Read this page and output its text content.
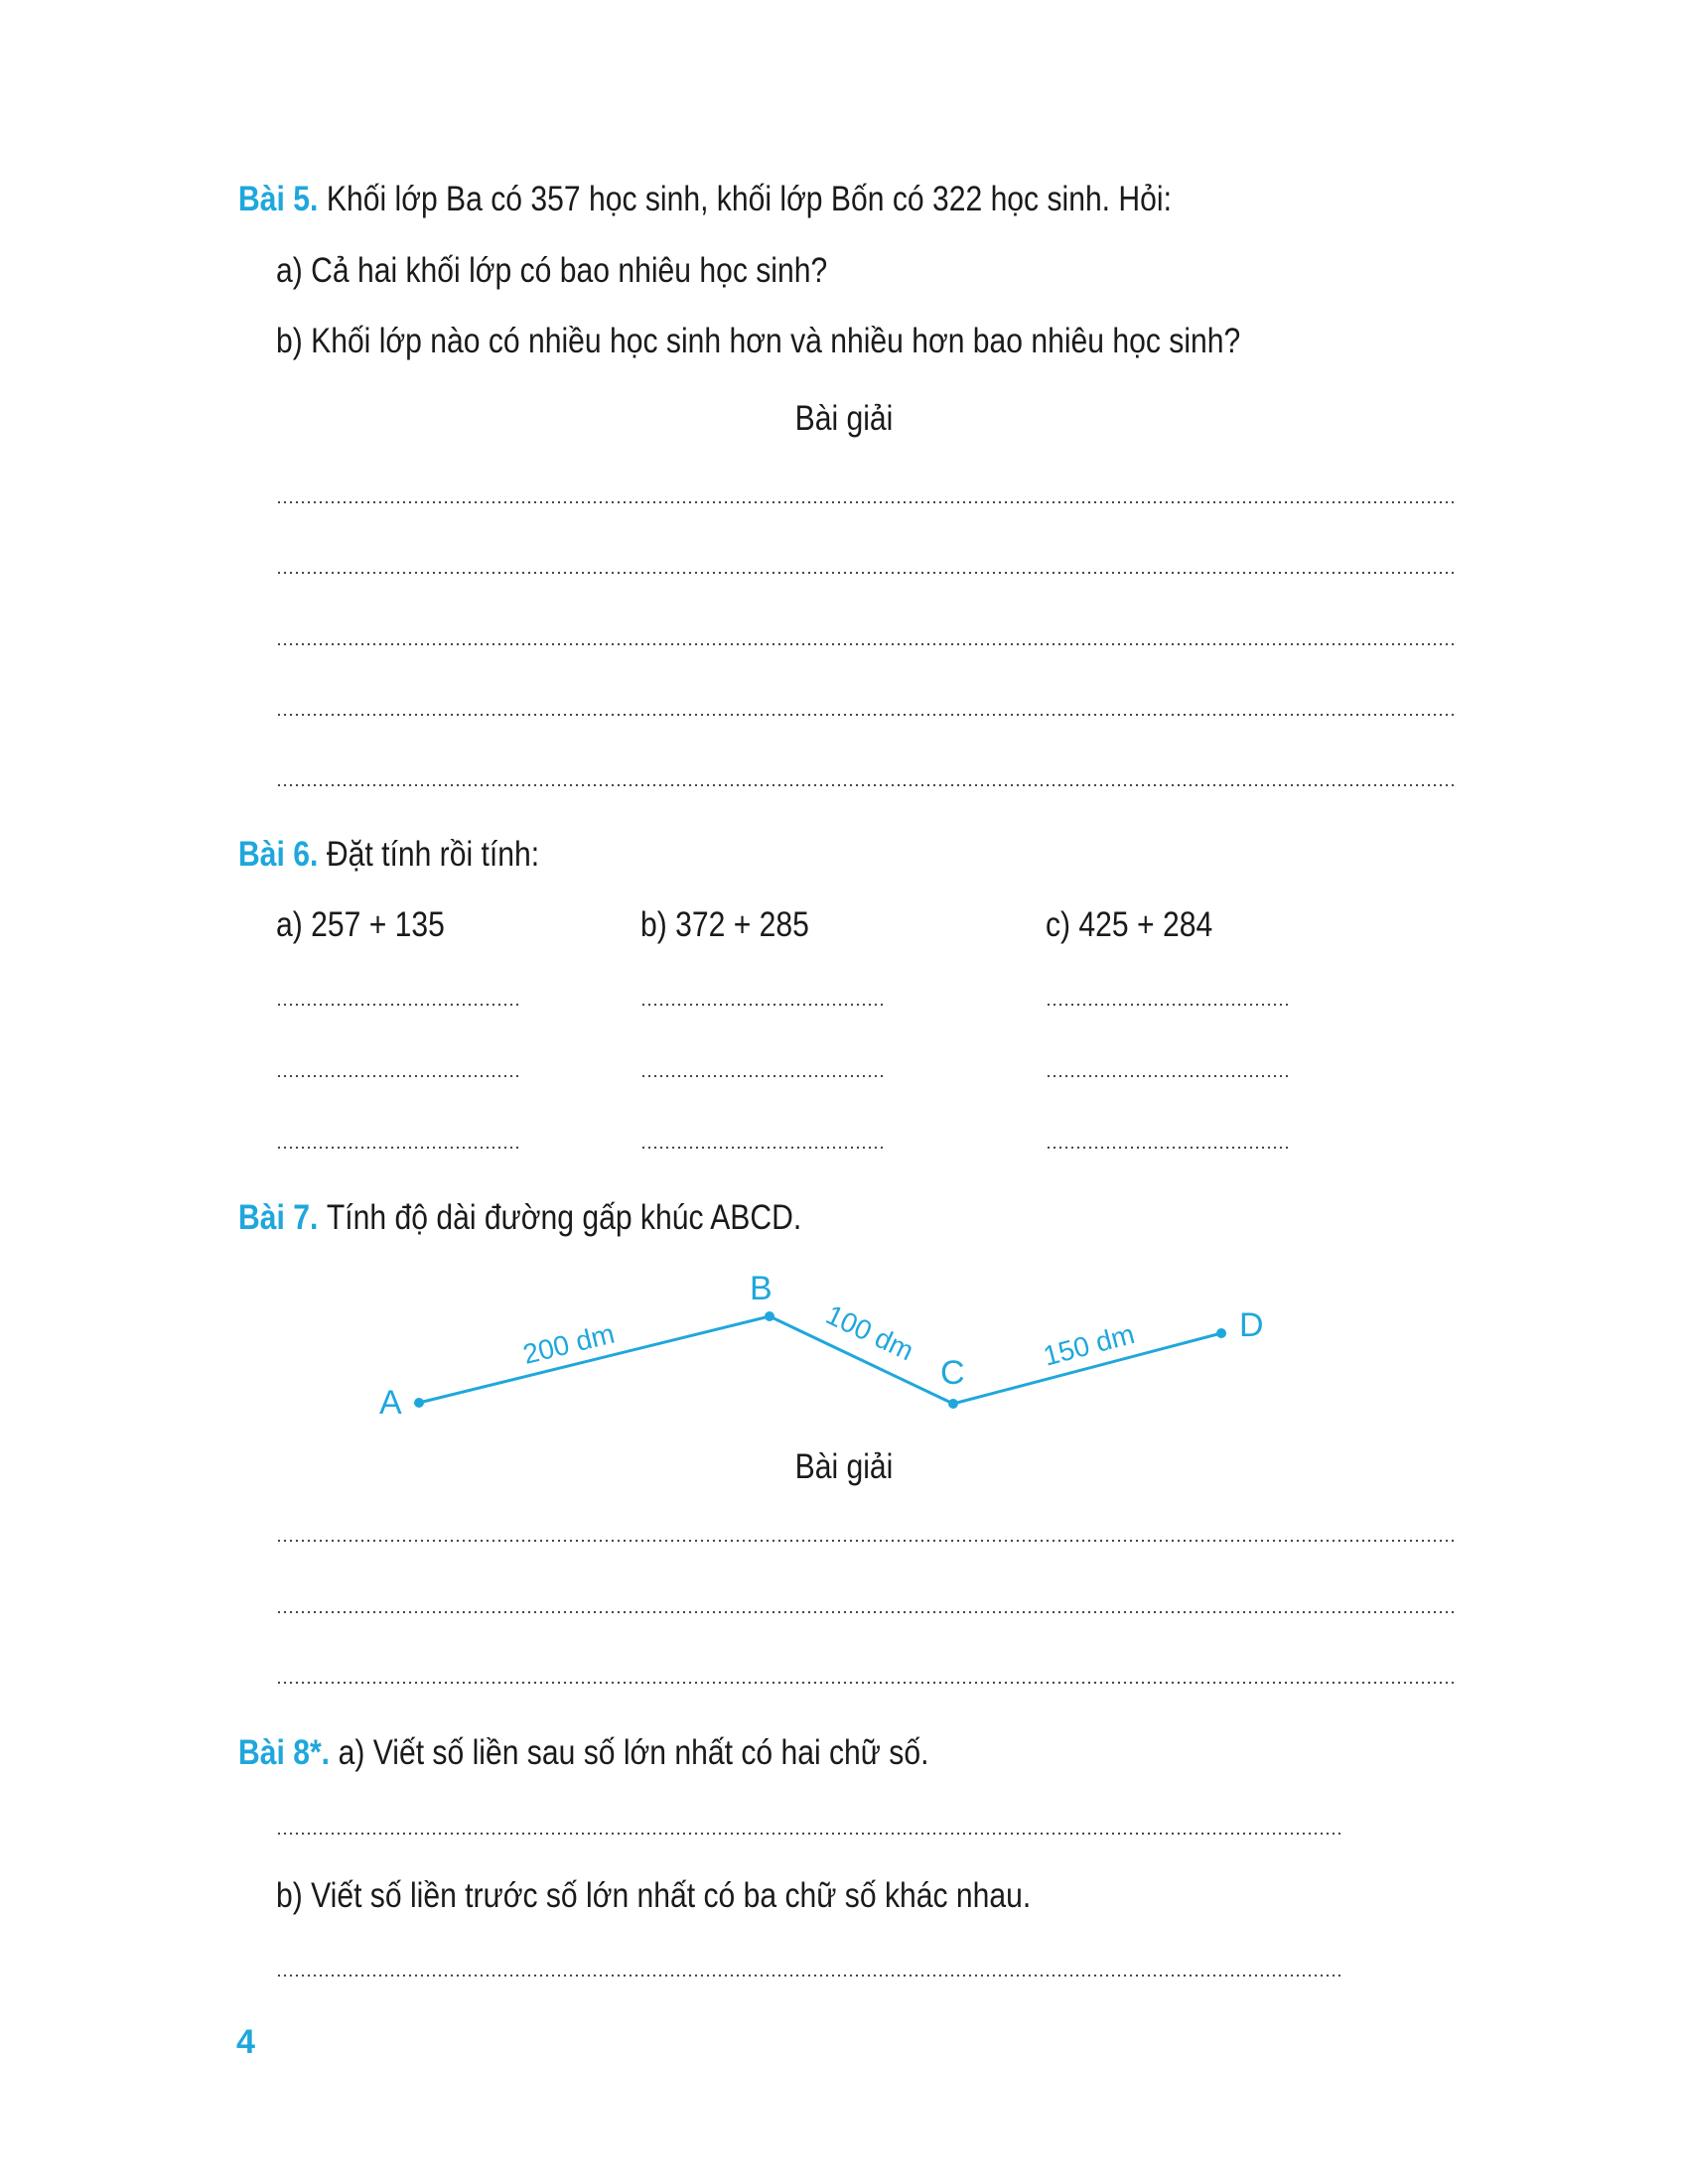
Bài 5. Khối lớp Ba có 357 học sinh, khối lớp Bốn có 322 học sinh. Hỏi:
a) Cả hai khối lớp có bao nhiêu học sinh?
b) Khối lớp nào có nhiều học sinh hơn và nhiều hơn bao nhiêu học sinh?
Bài giải
Bài 6. Đặt tính rồi tính:
a) 257 + 135	b) 372 + 285	c) 425 + 284
Bài 7. Tính độ dài đường gấp khúc ABCD.
A
B
C
D
200 dm	100 dm	150 dm
Bài giải
Bài 8*. a) Viết số liền sau số lớn nhất có hai chữ số.
b) Viết số liền trước số lớn nhất có ba chữ số khác nhau.
4
